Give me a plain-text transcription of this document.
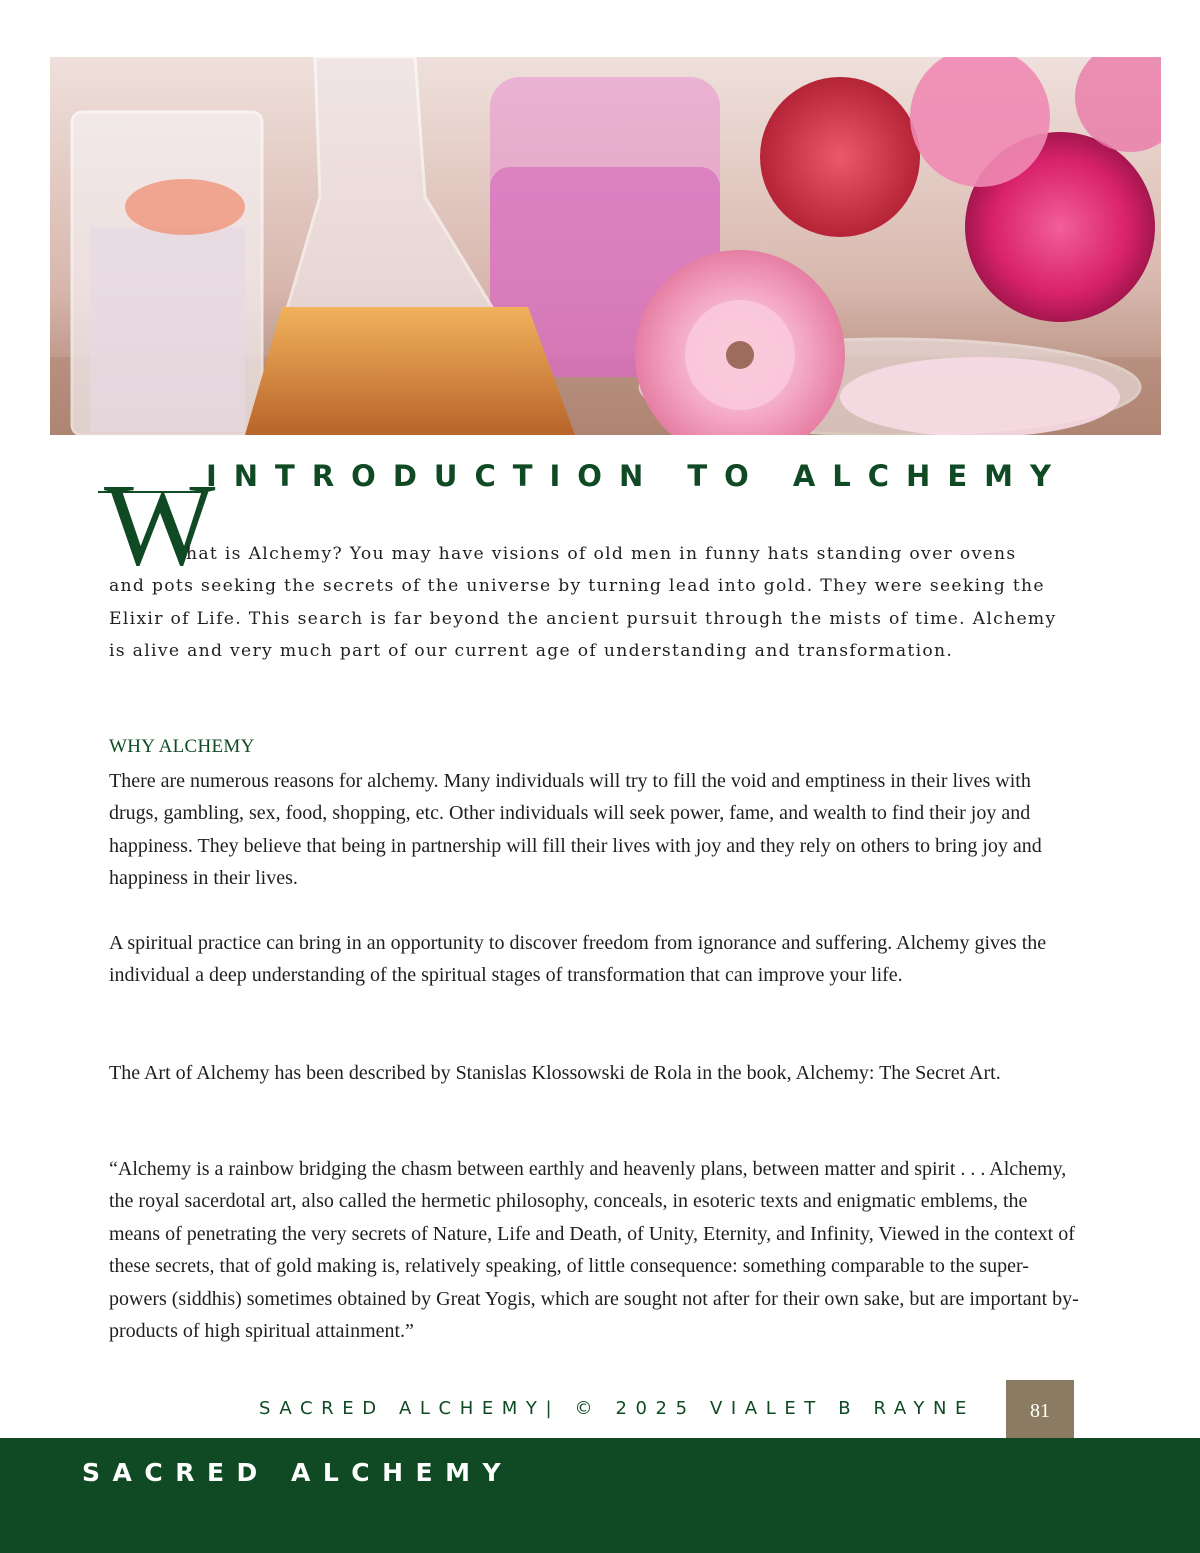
INTRODUCTION TO ALCHEMY
W
hat is Alchemy? You may have visions of old men in funny hats standing over ovens
and pots seeking the secrets of the universe by turning lead into gold. They were seeking the Elixir of Life. This search is far beyond the ancient pursuit through the mists of time. Alchemy is alive and very much part of our current age of understanding and transformation.
WHY ALCHEMY

There are numerous reasons for alchemy. Many individuals will try to fill the void and emptiness in their lives with drugs, gambling, sex, food, shopping, etc. Other individuals will seek power, fame, and wealth to find their joy and happiness. They believe that being in partnership will fill their lives with joy and they rely on others to bring joy and happiness in their lives.

A spiritual practice can bring in an opportunity to discover freedom from ignorance and suffering. Alchemy gives the individual a deep understanding of the spiritual stages of transformation that can improve your life.

The Art of Alchemy has been described by Stanislas Klossowski de Rola in the book, Alchemy: The Secret Art.

“Alchemy is a rainbow bridging the chasm between earthly and heavenly plans, between matter and spirit . . . Alchemy, the royal sacerdotal art, also called the hermetic philosophy, conceals, in esoteric texts and enigmatic emblems, the means of penetrating the very secrets of Nature, Life and Death, of Unity, Eternity, and Infinity, Viewed in the context of these secrets, that of gold making is, relatively speaking, of little consequence: something comparable to the super-powers (siddhis) sometimes obtained by Great Yogis, which are sought not after for their own sake, but are important by-products of high spiritual attainment.”

SACRED ALCHEMY| © 2025 VIALET B RAYNE	81
SACRED ALCHEMY
